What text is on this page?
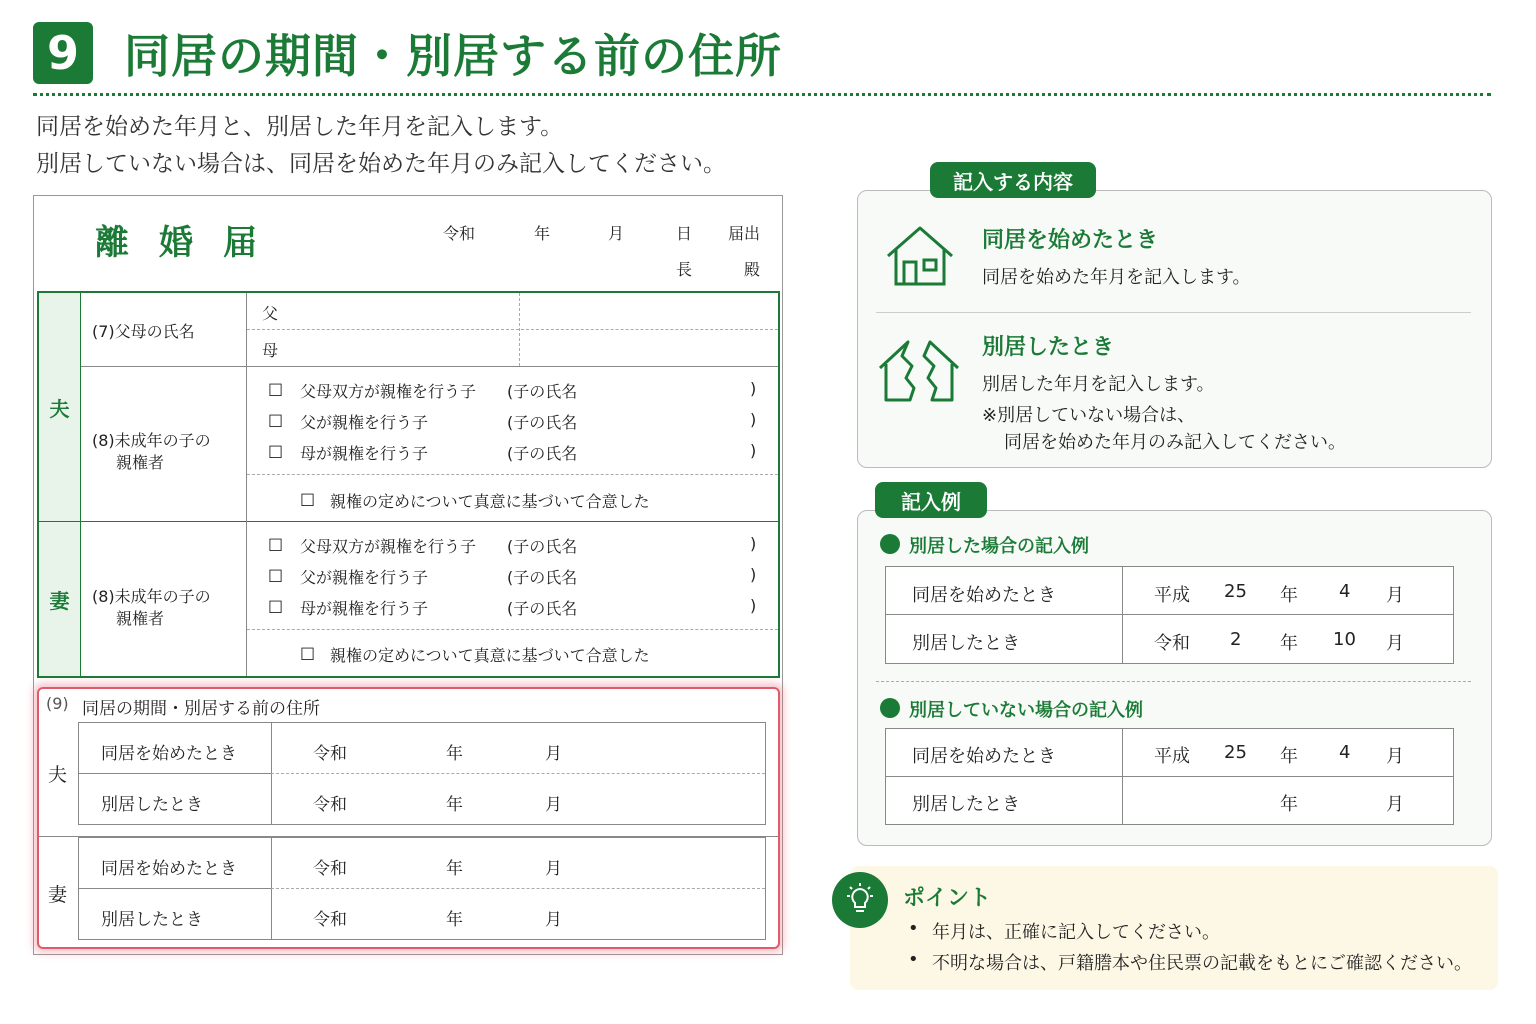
9 同居の期間・別居する前の住所
同居を始めた年月と、別居した年月を記入します。
別居していない場合は、同居を始めた年月のみ記入してください。
離婚届	令和	年	月	日 届出
長	殿
夫
妻
(7)父母の氏名
父
母
(8)未成年の子の
親権者
□ 父母双方が親権を行う子 (子の氏名	)
□ 父が親権を行う子	(子の氏名	)
□ 母が親権を行う子	(子の氏名	)
□ 親権の定めについて真意に基づいて合意した
(8)未成年の子の
親権者
□ 父母双方が親権を行う子 (子の氏名	)
□ 父が親権を行う子	(子の氏名	)
□ 母が親権を行う子	(子の氏名	)
□ 親権の定めについて真意に基づいて合意した
(9) 同居の期間・別居する前の住所
夫
同居を始めたとき	令和	年	月
別居したとき	令和	年	月
妻
同居を始めたとき	令和	年	月
別居したとき	令和	年	月
記入する内容
同居を始めたとき
同居を始めた年月を記入します。
別居したとき
別居した年月を記入します。
※別居していない場合は、
同居を始めた年月のみ記入してください。
記入例
別居した場合の記入例
同居を始めたとき	平成 25 年 4 月
別居したとき	令和 2 年 10 月
別居していない場合の記入例
同居を始めたとき	平成 25 年 4 月
別居したとき	年	月
ポイント
• 年月は、正確に記入してください。
• 不明な場合は、戸籍謄本や住民票の記載をもとにご確認ください。
